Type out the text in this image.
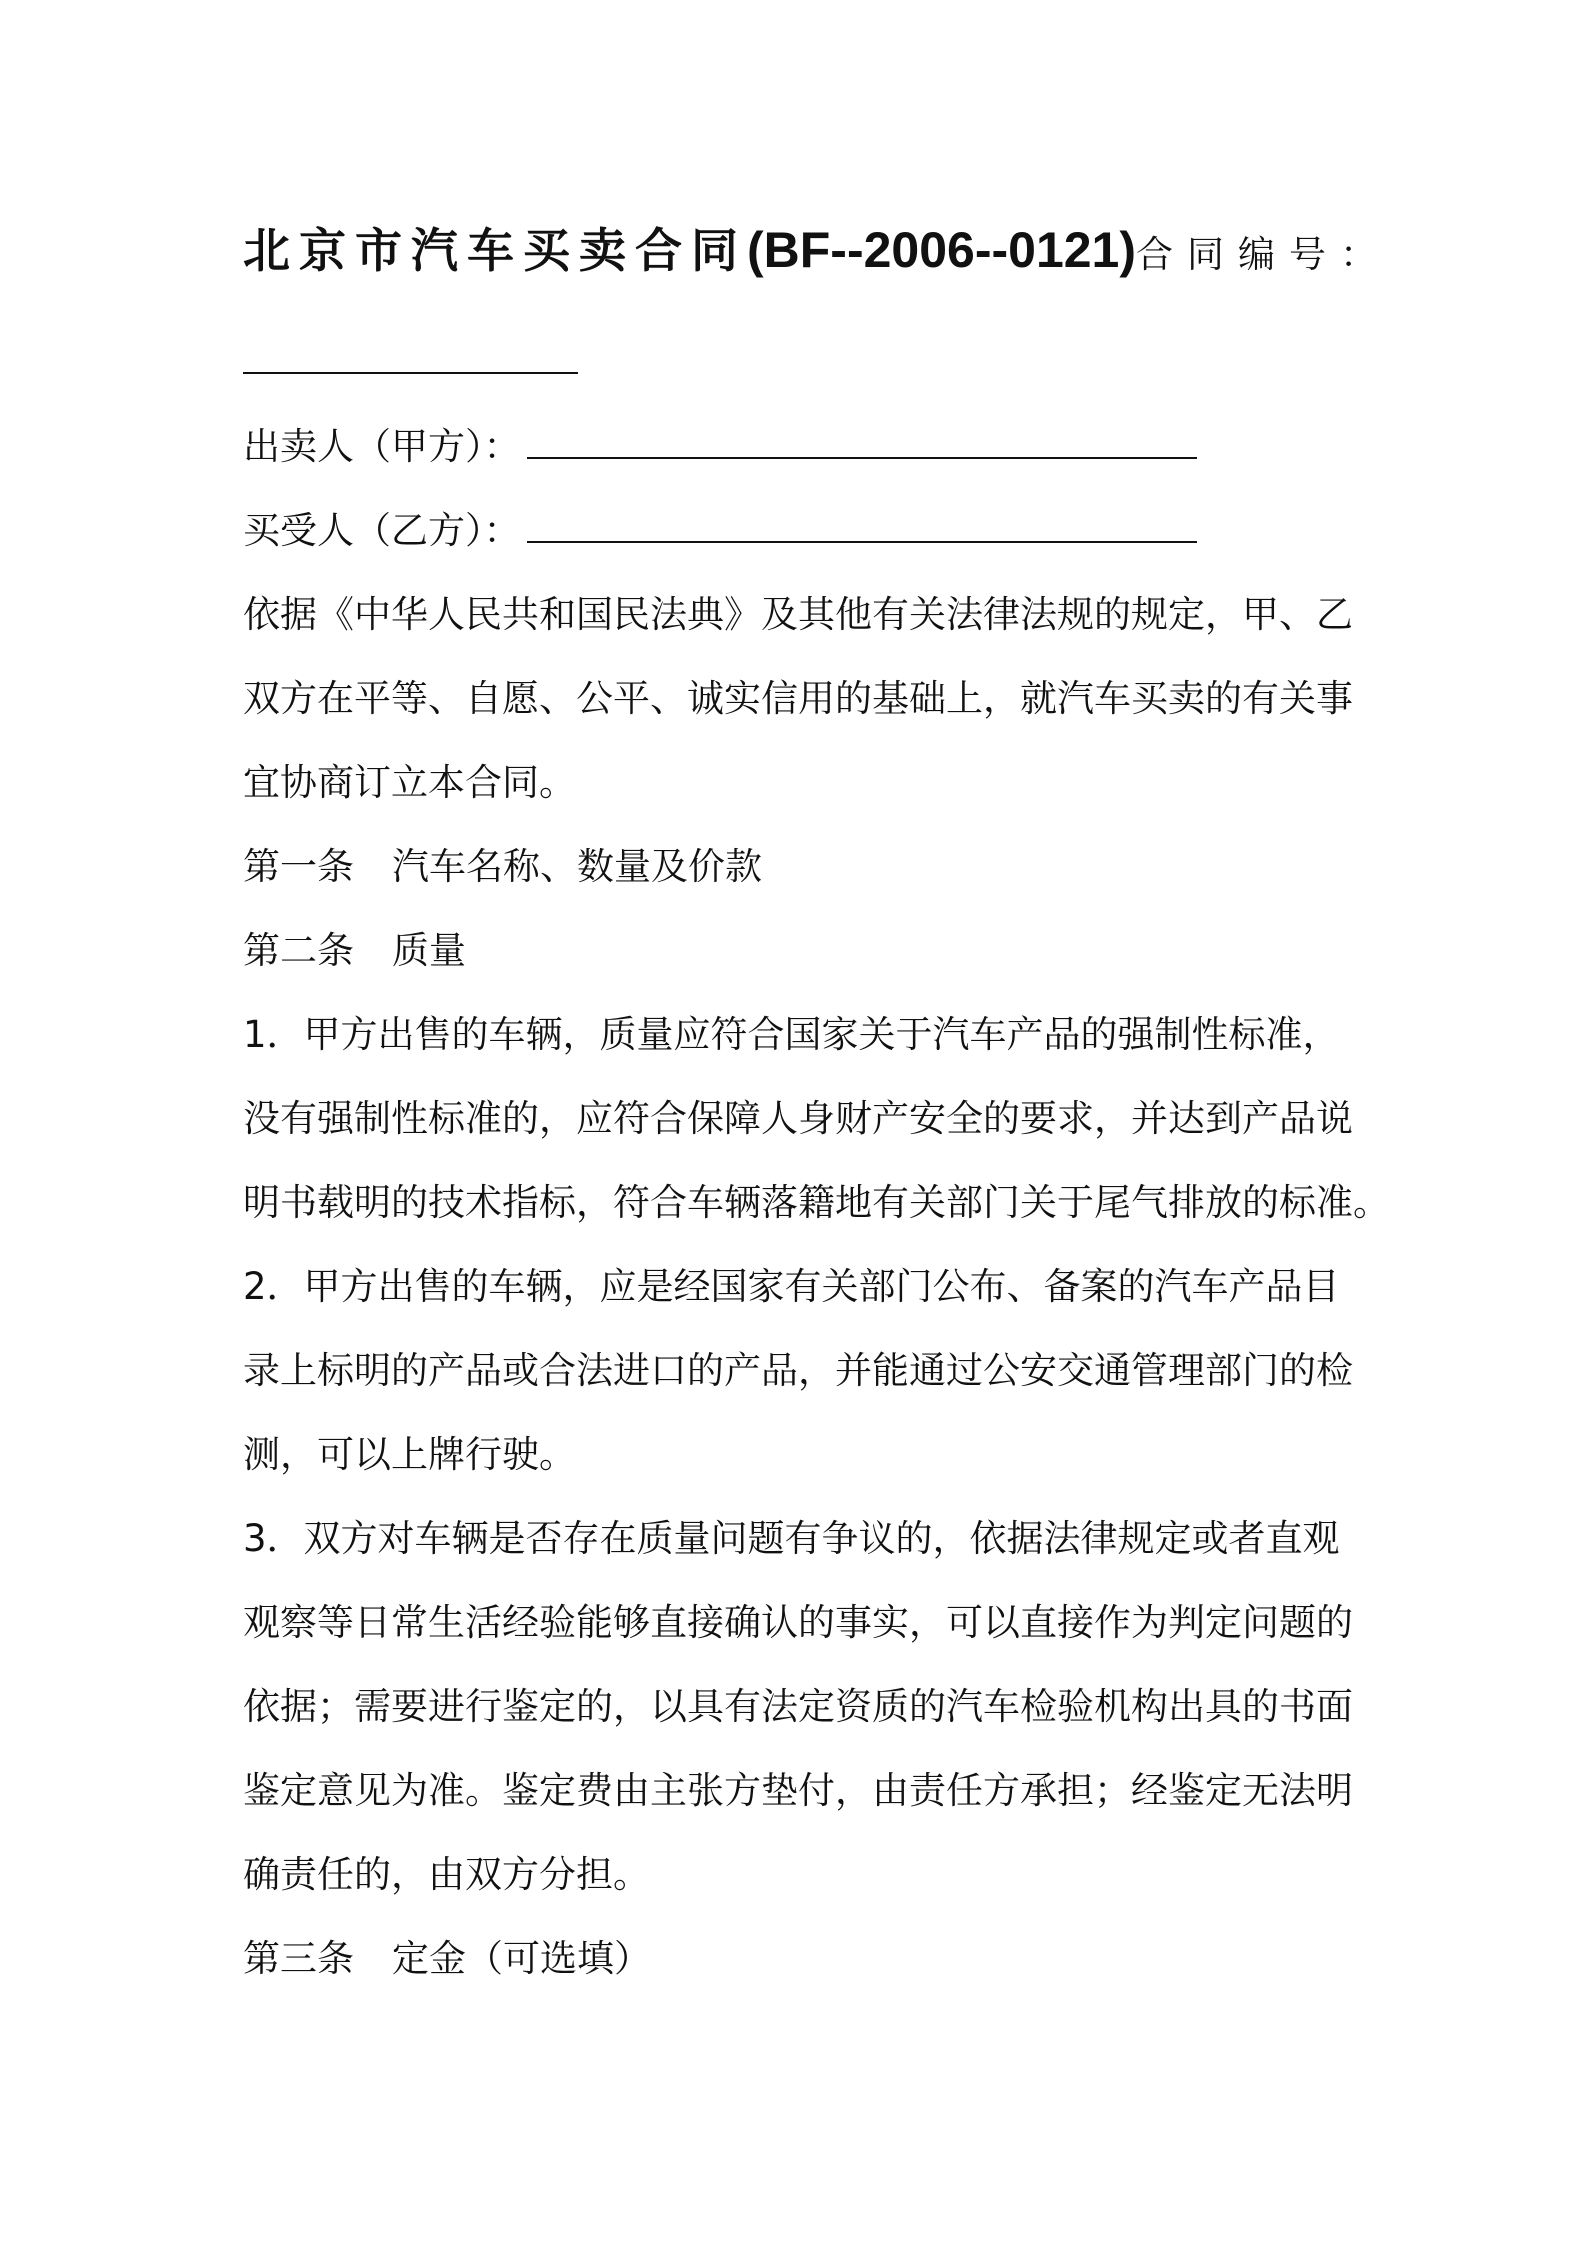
北京市汽车买卖合同(BF--2006--0121)合同编号：
出卖人（甲方）：
买受人（乙方）：
依据《中华人民共和国民法典》及其他有关法律法规的规定，甲、乙
双方在平等、自愿、公平、诚实信用的基础上，就汽车买卖的有关事
宜协商订立本合同。
第一条 汽车名称、数量及价款
第二条 质量
1．甲方出售的车辆，质量应符合国家关于汽车产品的强制性标准，
没有强制性标准的，应符合保障人身财产安全的要求，并达到产品说
明书载明的技术指标，符合车辆落籍地有关部门关于尾气排放的标准。
2．甲方出售的车辆，应是经国家有关部门公布、备案的汽车产品目
录上标明的产品或合法进口的产品，并能通过公安交通管理部门的检
测，可以上牌行驶。
3．双方对车辆是否存在质量问题有争议的，依据法律规定或者直观
观察等日常生活经验能够直接确认的事实，可以直接作为判定问题的
依据；需要进行鉴定的，以具有法定资质的汽车检验机构出具的书面
鉴定意见为准。鉴定费由主张方垫付，由责任方承担；经鉴定无法明
确责任的，由双方分担。
第三条 定金（可选填）
